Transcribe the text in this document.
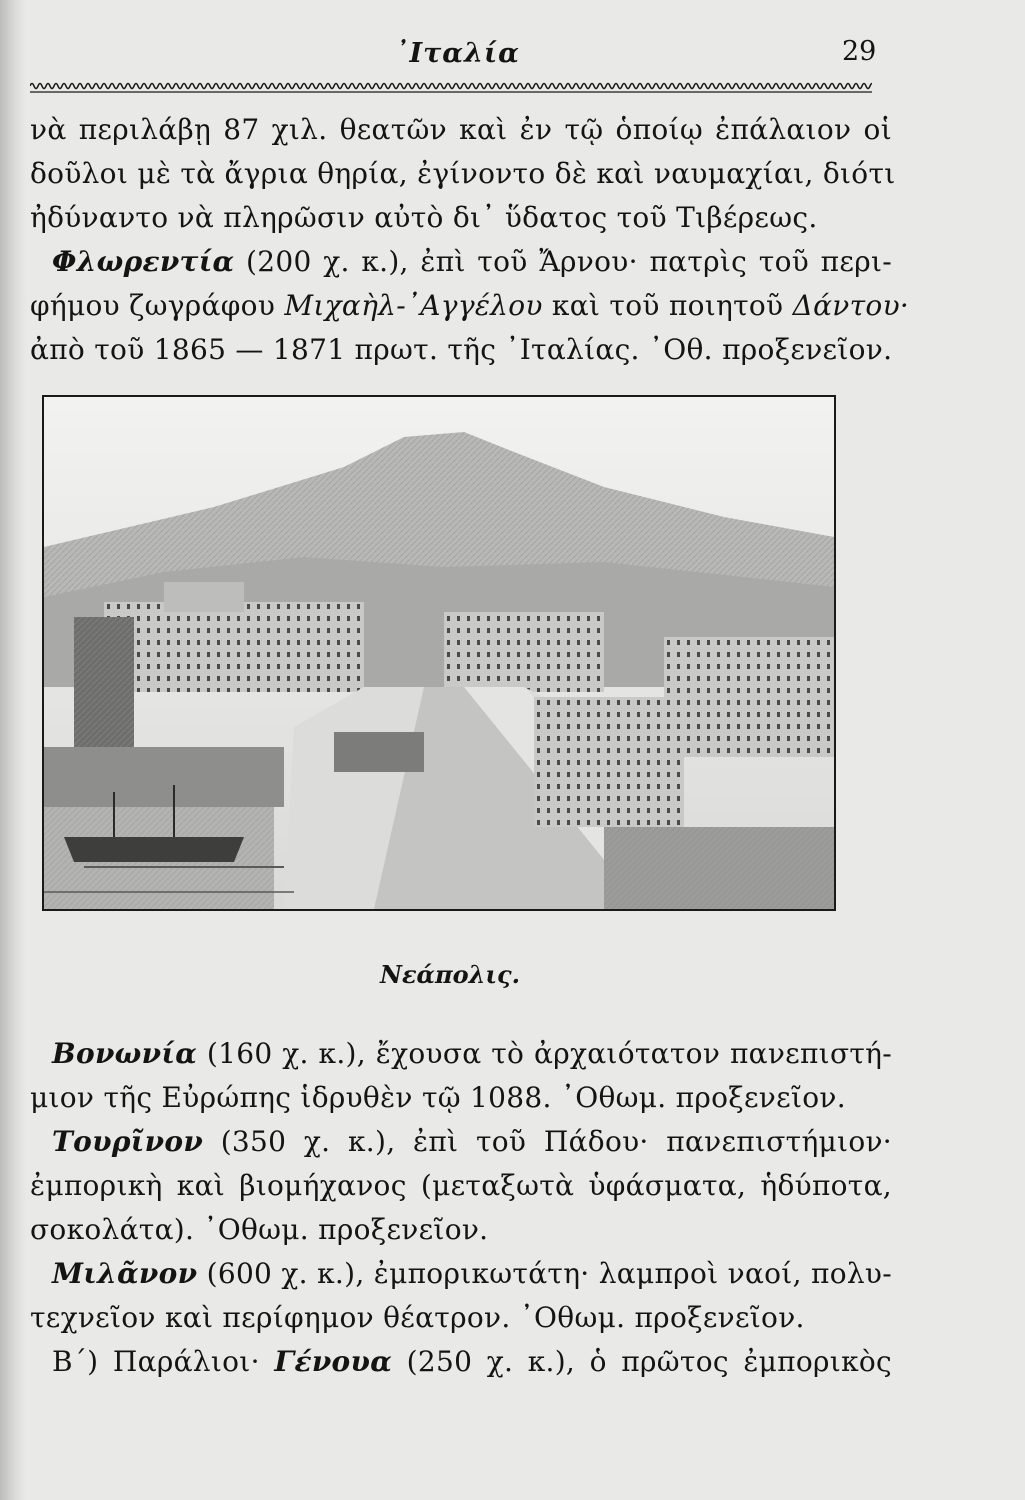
᾿Ιταλία	29
νὰ περιλάβῃ 87 χιλ. θεατῶν καὶ ἐν τῷ ὁποίῳ ἐπάλαιον οἱ
δοῦλοι μὲ τὰ ἄγρια θηρία, ἐγίνοντο δὲ καὶ ναυμαχίαι, διότι
ἠδύναντο νὰ πληρῶσιν αὐτὸ δι᾽ ὕδατος τοῦ Τιβέρεως.
Φλωρεντία (200 χ. κ.), ἐπὶ τοῦ Ἄρνου· πατρὶς τοῦ περι-
φήμου ζωγράφου Μιχαὴλ-᾿Αγγέλου καὶ τοῦ ποιητοῦ Δάντου·
ἀπὸ τοῦ 1865 — 1871 πρωτ. τῆς ᾿Ιταλίας. ᾿Οθ. προξενεῖον.
Νεάπολις.
Βονωνία (160 χ. κ.), ἔχουσα τὸ ἀρχαιότατον πανεπιστή-
μιον τῆς Εὐρώπης ἱδρυθὲν τῷ 1088. ᾿Οθωμ. προξενεῖον.
Τουρῖνον (350 χ. κ.), ἐπὶ τοῦ Πάδου· πανεπιστήμιον·
ἐμπορικὴ καὶ βιομήχανος (μεταξωτὰ ὑφάσματα, ἡδύποτα,
σοκολάτα). ᾿Οθωμ. προξενεῖον.
Μιλᾶνον (600 χ. κ.), ἐμπορικωτάτη· λαμπροὶ ναοί, πολυ-
τεχνεῖον καὶ περίφημον θέατρον. ᾿Οθωμ. προξενεῖον.
Β΄) Παράλιοι· Γένουα (250 χ. κ.), ὁ πρῶτος ἐμπορικὸς
